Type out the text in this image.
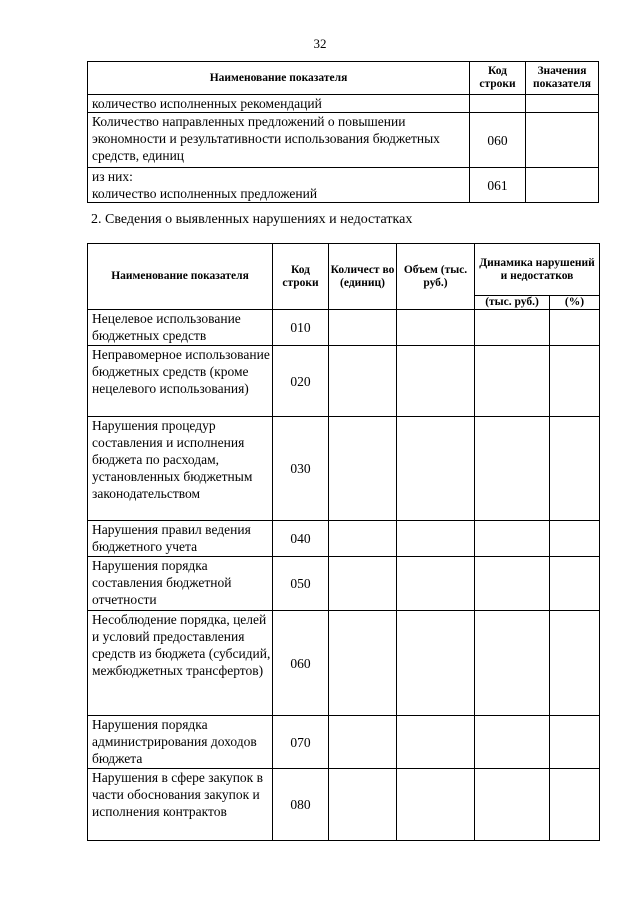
32
Наименование показателя	Код строки	Значения показателя
количество исполненных рекомендаций		
Количество направленных предложений о повышении экономности и результативности использования бюджетных средств, единиц	060	
из них:
количество исполненных предложений	061	
2. Сведения о выявленных нарушениях и недостатках
Наименование показателя	Код строки	Количест во (единиц)	Объем (тыс. руб.)	Динамика нарушений и недостатков	
				(тыс. руб.)	(%)
Нецелевое использование бюджетных средств	010				
Неправомерное использование бюджетных средств (кроме нецелевого использования)	020				
Нарушения процедур составления и исполнения бюджета по расходам, установленных бюджетным законодательством	030				
Нарушения правил ведения бюджетного учета	040				
Нарушения порядка составления бюджетной отчетности	050				
Несоблюдение порядка, целей и условий предоставления средств из бюджета (субсидий, межбюджетных трансфертов)	060				
Нарушения порядка администрирования доходов бюджета	070				
Нарушения в сфере закупок в части обоснования закупок и исполнения контрактов	080				
